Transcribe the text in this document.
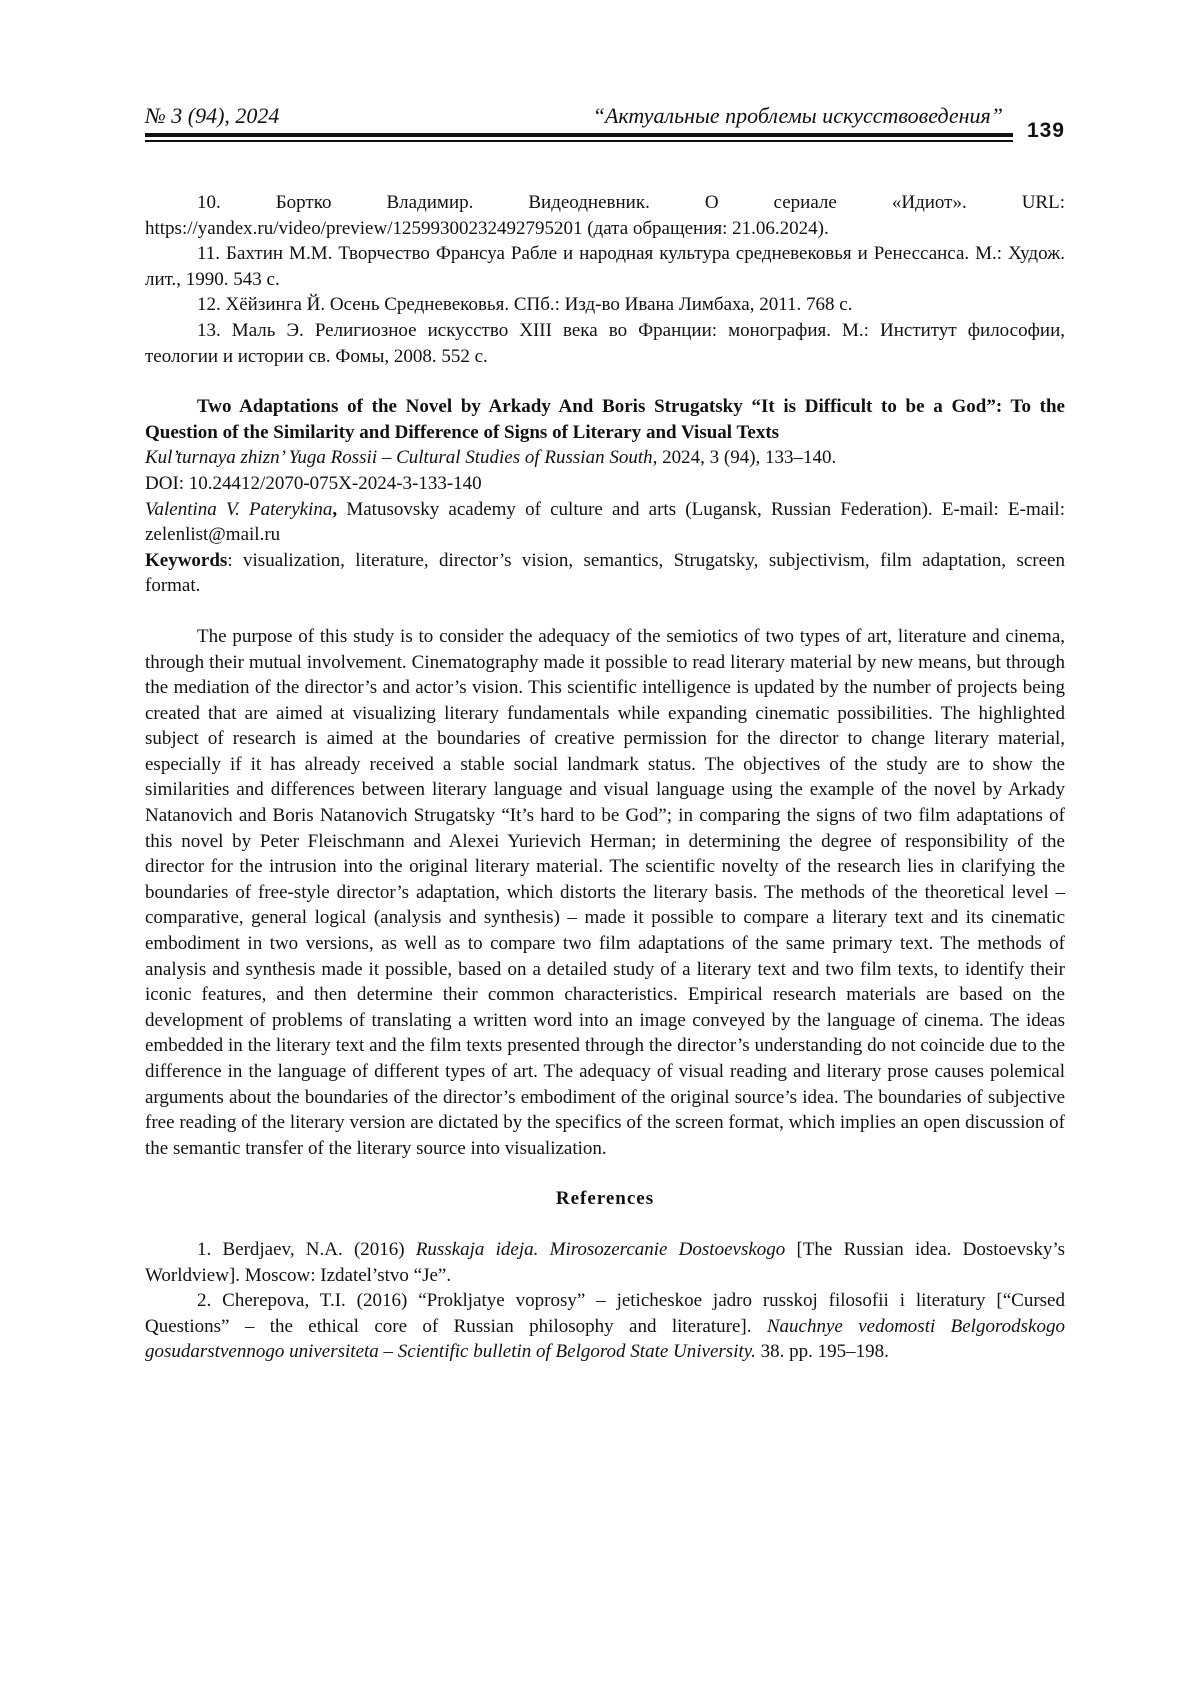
№ 3 (94), 2024	“Актуальные проблемы искусствоведения”
139

10. Бортко Владимир. Видеодневник. О сериале «Идиот». URL: https://yandex.ru/video/preview/12599300232492795201 (дата обращения: 21.06.2024).

11. Бахтин М.М. Творчество Франсуа Рабле и народная культура средневековья и Ренессанса. М.: Худож. лит., 1990. 543 с.

12. Хёйзинга Й. Осень Средневековья. СПб.: Изд-во Ивана Лимбаха, 2011. 768 с.

13. Маль Э. Религиозное искусство XIII века во Франции: монография. М.: Институт философии, теологии и истории св. Фомы, 2008. 552 с.

Two Adaptations of the Novel by Arkady And Boris Strugatsky “It is Difficult to be a God”: To the Question of the Similarity and Difference of Signs of Literary and Visual Texts

Kul’turnaya zhizn’ Yuga Rossii – Cultural Studies of Russian South, 2024, 3 (94), 133–140.

DOI: 10.24412/2070-075X-2024-3-133-140

Valentina V. Paterykina, Matusovsky academy of culture and arts (Lugansk, Russian Federation). E-mail: E-mail: zelenlist@mail.ru

Keywords: visualization, literature, director’s vision, semantics, Strugatsky, subjectivism, film adaptation, screen format.

The purpose of this study is to consider the adequacy of the semiotics of two types of art, literature and cinema, through their mutual involvement. Cinematography made it possible to read literary material by new means, but through the mediation of the director’s and actor’s vision. This scientific intelligence is updated by the number of projects being created that are aimed at visualizing literary fundamentals while expanding cinematic possibilities. The highlighted subject of research is aimed at the boundaries of creative permission for the director to change literary material, especially if it has already received a stable social landmark status. The objectives of the study are to show the similarities and differences between literary language and visual language using the example of the novel by Arkady Natanovich and Boris Natanovich Strugatsky “It’s hard to be God”; in comparing the signs of two film adaptations of this novel by Peter Fleischmann and Alexei Yurievich Herman; in determining the degree of responsibility of the director for the intrusion into the original literary material. The scientific novelty of the research lies in clarifying the boundaries of free-style director’s adaptation, which distorts the literary basis. The methods of the theoretical level – comparative, general logical (analysis and synthesis) – made it possible to compare a literary text and its cinematic embodiment in two versions, as well as to compare two film adaptations of the same primary text. The methods of analysis and synthesis made it possible, based on a detailed study of a literary text and two film texts, to identify their iconic features, and then determine their common characteristics. Empirical research materials are based on the development of problems of translating a written word into an image conveyed by the language of cinema. The ideas embedded in the literary text and the film texts presented through the director’s understanding do not coincide due to the difference in the language of different types of art. The adequacy of visual reading and literary prose causes polemical arguments about the boundaries of the director’s embodiment of the original source’s idea. The boundaries of subjective free reading of the literary version are dictated by the specifics of the screen format, which implies an open discussion of the semantic transfer of the literary source into visualization.

References

1. Berdjaev, N.A. (2016) Russkaja ideja. Mirosozercanie Dostoevskogo [The Russian idea. Dostoevsky’s Worldview]. Moscow: Izdatel’stvo “Je”.

2. Cherepova, T.I. (2016) “Prokljatye voprosy” – jeticheskoe jadro russkoj filosofii i literatury [“Cursed Questions” – the ethical core of Russian philosophy and literature]. Nauchnye vedomosti Belgorodskogo gosudarstvennogo universiteta – Scientific bulletin of Belgorod State University. 38. pp. 195–198.
